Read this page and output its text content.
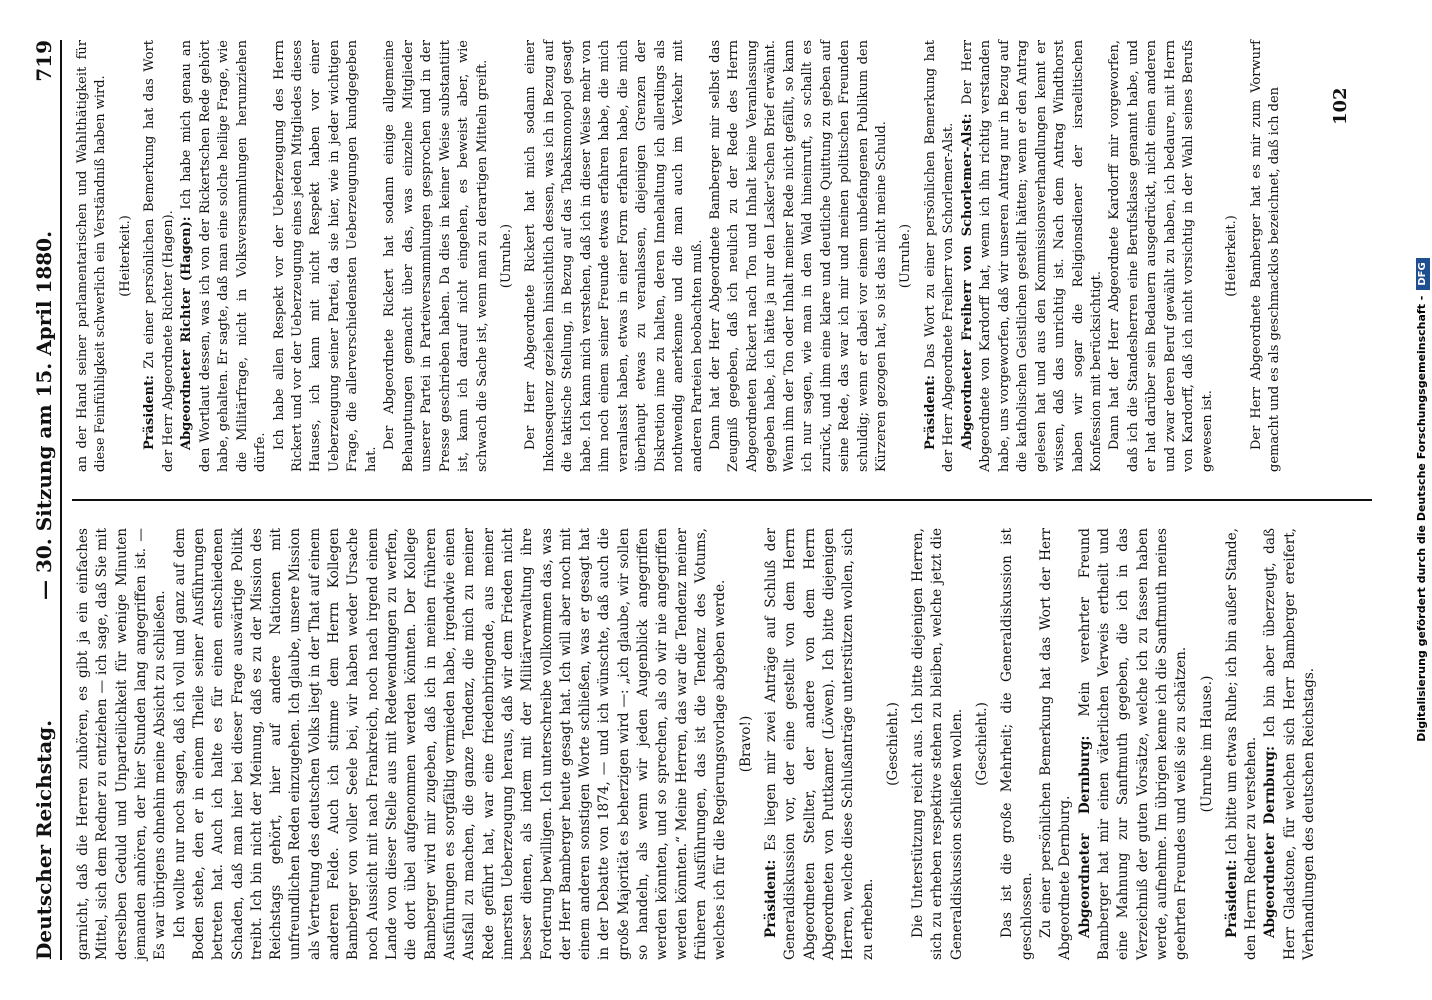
Deutscher Reichstag.
— 30. Sitzung am 15. April 1880.
719

garnicht, daß die Herren zuhören, es gibt ja ein einfaches Mittel, sich dem Redner zu entziehen — ich sage, daß Sie mit derselben Geduld und Unparteilichkeit für wenige Minuten jemanden anhören, der hier Stunden lang angegriffen ist. — Es war übrigens ohnehin meine Absicht zu schließen. Ich wollte nur noch sagen, daß ich voll und ganz auf dem Boden stehe, den er in einem Theile seiner Ausführungen betreten hat. Auch ich halte es für einen entschiedenen Schaden, daß man hier bei dieser Frage auswärtige Politik treibt. Ich bin nicht der Meinung, daß es zu der Mission des Reichstags gehört, hier auf andere Nationen mit unfreundlichen Reden einzugehen. Ich glaube, unsere Mission als Vertretung des deutschen Volks liegt in der That auf einem anderen Felde. Auch ich stimme dem Herrn Kollegen Bamberger von voller Seele bei, wir haben weder Ursache noch Aussicht mit nach Frankreich, noch nach irgend einem Lande von dieser Stelle aus mit Redewendungen zu werfen, die dort übel aufgenommen werden könnten. Der Kollege Bamberger wird mir zugeben, daß ich in meinen früheren Ausführungen es sorgfältig vermieden habe, irgendwie einen Ausfall zu machen, die ganze Tendenz, die mich zu meiner Rede geführt hat, war eine friedenbringende, aus meiner innersten Ueberzeugung heraus, daß wir dem Frieden nicht besser dienen, als indem mit der Militärverwaltung ihre Forderung bewilligen. Ich unterschreibe vollkommen das, was der Herr Bamberger heute gesagt hat. Ich will aber noch mit einem anderen sonstigen Worte schließen, was er gesagt hat in der Debatte von 1874, — und ich wünschte, daß auch die große Majorität es beherzigen wird —: „ich glaube, wir sollen so handeln, als wenn wir jeden Augenblick angegriffen werden könnten, und so sprechen, als ob wir nie angegriffen werden könnten.“ Meine Herren, das war die Tendenz meiner früheren Ausführungen, das ist die Tendenz des Votums, welches ich für die Regierungsvorlage abgeben werde. (Bravo!)

Präsident: Es liegen mir zwei Anträge auf Schluß der Generaldiskussion vor, der eine gestellt von dem Herrn Abgeordneten Stellter, der andere von dem Herrn Abgeordneten von Puttkamer (Löwen). Ich bitte diejenigen Herren, welche diese Schlußanträge unterstützen wollen, sich zu erheben.

(Geschieht.) Die Unterstützung reicht aus. Ich bitte diejenigen Herren, sich zu erheben respektive stehen zu bleiben, welche jetzt die Generaldiskussion schließen wollen. (Geschieht.) Das ist die große Mehrheit; die Generaldiskussion ist geschlossen. Zu einer persönlichen Bemerkung hat das Wort der Herr Abgeordnete Dernburg. Abgeordneter Dernburg: Mein verehrter Freund Bamberger hat mir einen väterlichen Verweis ertheilt und eine Mahnung zur Sanftmuth gegeben, die ich in das Verzeichniß der guten Vorsätze, welche ich zu fassen haben werde, aufnehme. Im übrigen kenne ich die Sanftmuth meines geehrten Freundes und weiß sie zu schätzen. (Unruhe im Hause.)

Präsident: Ich bitte um etwas Ruhe; ich bin außer Stande, den Herrn Redner zu verstehen. Abgeordneter Dernburg: Ich bin aber überzeugt, daß Herr Gladstone, für welchen sich Herr Bamberger ereifert, Verhandlungen des deutschen Reichstags.

an der Hand seiner parlamentarischen und Wahlthätigkeit für diese Feinfühligkeit schwerlich ein Verständniß haben wird. (Heiterkeit.)

Präsident: Zu einer persönlichen Bemerkung hat das Wort der Herr Abgeordnete Richter (Hagen). Abgeordneter Richter (Hagen): Ich habe mich genau an den Wortlaut dessen, was ich von der Rickertschen Rede gehört habe, gehalten. Er sagte, daß man eine solche heilige Frage, wie die Militärfrage, nicht in Volksversammlungen herumziehen dürfe.

Ich habe allen Respekt vor der Ueberzeugung des Herrn Rickert und vor der Ueberzeugung eines jeden Mitgliedes dieses Hauses, ich kann mit nicht Respekt haben vor einer Ueberzeugung seiner Partei, da sie hier, wie in jeder wichtigen Frage, die allerverschiedensten Ueberzeugungen kundgegeben hat.

Der Abgeordnete Rickert hat sodann einige allgemeine Behauptungen gemacht über das, was einzelne Mitglieder unserer Partei in Parteiversammlungen gesprochen und in der Presse geschrieben haben. Da dies in keiner Weise substantiirt ist, kann ich darauf nicht eingehen, es beweist aber, wie schwach die Sache ist, wenn man zu derartigen Mitteln greift. (Unruhe.) Der Herr Abgeordnete Rickert hat mich sodann einer Inkonsequenz geziehen hinsichtlich dessen, was ich in Bezug auf die taktische Stellung, in Bezug auf das Tabaksmonopol gesagt habe. Ich kann mich verstehen, daß ich in dieser Weise mehr von ihm noch einem seiner Freunde etwas erfahren habe, die mich veranlasst haben, etwas in einer Form erfahren habe, die mich überhaupt etwas zu veranlassen, diejenigen Grenzen der Diskretion inne zu halten, deren Innehaltung ich allerdings als nothwendig anerkenne und die man auch im Verkehr mit anderen Parteien beobachten muß. Dann hat der Herr Abgeordnete Bamberger mir selbst das Zeugniß gegeben, daß ich neulich zu der Rede des Herrn Abgeordneten Rickert nach Ton und Inhalt keine Veranlassung gegeben habe, ich hätte ja nur den Lasker'schen Brief erwähnt. Wenn ihm der Ton oder Inhalt meiner Rede nicht gefällt, so kann ich nur sagen, wie man in den Wald hineinruft, so schallt es zurück, und ihm eine klare und deutliche Quittung zu geben auf seine Rede, das war ich mir und meinen politischen Freunden schuldig; wenn er dabei vor einem unbefangenen Publikum den Kürzeren gezogen hat, so ist das nicht meine Schuld. (Unruhe.)

Präsident: Das Wort zu einer persönlichen Bemerkung hat der Herr Abgeordnete Freiherr von Schorlemer-Alst. Abgeordneter Freiherr von Schorlemer-Alst: Der Herr Abgeordnete von Kardorff hat, wenn ich ihn richtig verstanden habe, uns vorgeworfen, daß wir unseren Antrag nur in Bezug auf die katholischen Geistlichen gestellt hätten; wenn er den Antrag gelesen hat und aus den Kommissionsverhandlungen kennt er wissen, daß das unrichtig ist. Nach dem Antrag Windthorst haben wir sogar die Religionsdiener der israelitischen Konfession mit berücksichtigt. Dann hat der Herr Abgeordnete Kardorff mir vorgeworfen, daß ich die Standesherren eine Berufsklasse genannt habe, und er hat darüber sein Bedauern ausgedrückt, nicht einen anderen und zwar deren Beruf gewählt zu haben, ich bedaure, mit Herrn von Kardorff, daß ich nicht vorsichtig in der Wahl seines Berufs gewesen ist.

(Heiterkeit.) Der Herr Abgeordnete Bamberger hat es mir zum Vorwurf gemacht und es als geschmacklos bezeichnet, daß ich den	102
Digitalisierung gefördert durch die Deutsche Forschungsgemeinschaft -DFG
